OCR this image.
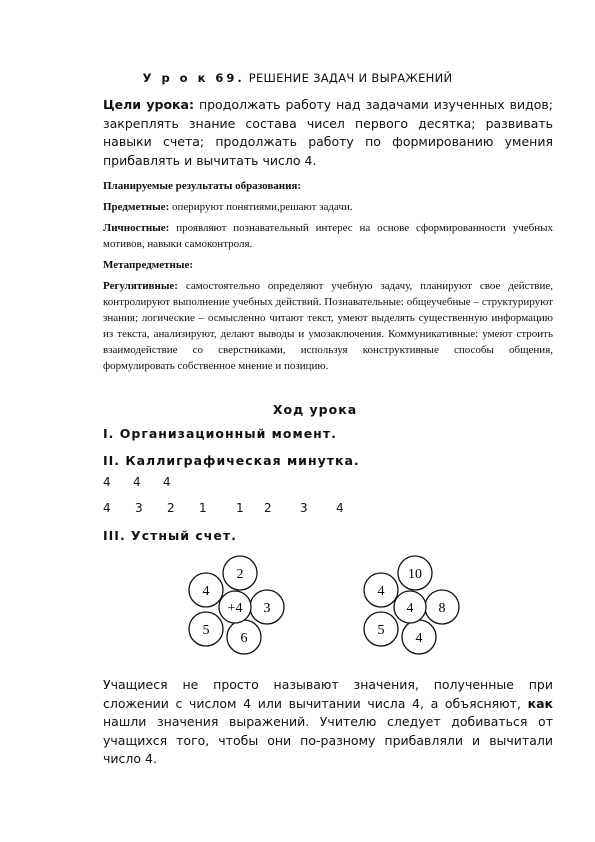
У р о к 69. РЕШЕНИЕ ЗАДАЧ И ВЫРАЖЕНИЙ
Цели урока: продолжать работу над задачами изученных видов; закреплять знание состава чисел первого десятка; развивать навыки счета; продолжать работу по формированию умения прибавлять и вычитать число 4.

Планируемые результаты образования:

Предметные: оперируют понятиями,решают задачи.

Личностные: проявляют познавательный интерес на основе сформированности учебных мотивов, навыки самоконтроля.

Метапредметные:

Регулятивные: самостоятельно определяют учебную задачу, планируют свое действие, контролируют выполнение учебных действий. Познавательные: общеучебные – структурируют знания; логические – осмысленно читают текст, умеют выделять существенную информацию из текста, анализируют, делают выводы и умозаключения. Коммуникативные: умеют строить взаимодействие со сверстниками, используя конструктивные способы общения, формулировать собственное мнение и позицию.

Ход урока
I. Организационный момент.
II. Каллиграфическая минутка.
4 4 4
4 3 2 1 1 2 3 4
III. Устный счет.
2
3
6
5
4
+4
10
8
4
5
4
4
Учащиеся не просто называют значения, полученные при сложении с числом 4 или вычитании числа 4, а объясняют, как нашли значения выражений. Учителю следует добиваться от учащихся того, чтобы они по-разному прибавляли и вычитали число 4.
